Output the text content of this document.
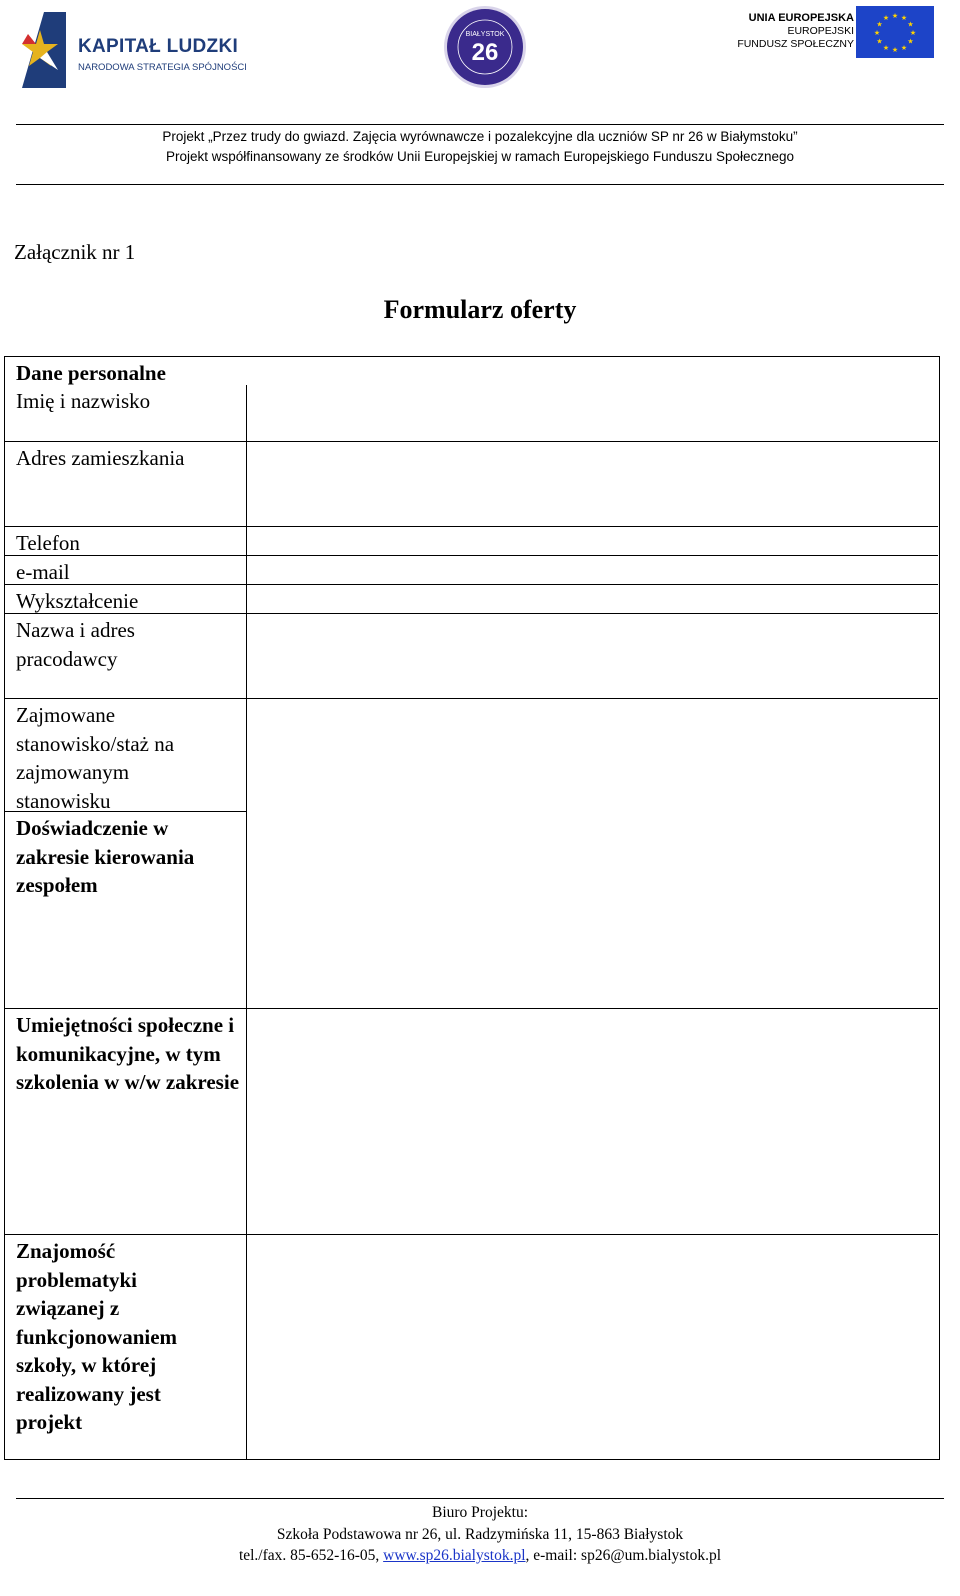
KAPITAŁ LUDZKI
NARODOWA STRATEGIA SPÓJNOŚCI
BIAŁYSTOK
26
UNIA EUROPEJSKA
EUROPEJSKI
FUNDUSZ SPOŁECZNY
★ ★
★
★
★
★
★
★
★
★
★
★
Projekt „Przez trudy do gwiazd. Zajęcia wyrównawcze i pozalekcyjne dla uczniów SP nr 26 w Białymstoku”
Projekt współfinansowany ze środków Unii Europejskiej w ramach Europejskiego Funduszu Społecznego
Załącznik nr 1
Formularz oferty
Dane personalne
Imię i nazwisko
Adres zamieszkania
Telefon
e-mail
Wykształcenie
Nazwa i adres pracodawcy
Zajmowane stanowisko/staż na zajmowanym stanowisku
Doświadczenie w zakresie kierowania zespołem
Umiejętności społeczne i komunikacyjne, w tym szkolenia w w/w zakresie
Znajomość problematyki związanej z funkcjonowaniem szkoły, w której realizowany jest projekt
Biuro Projektu:
Szkoła Podstawowa nr 26, ul. Radzymińska 11, 15-863 Białystok
tel./fax. 85-652-16-05, www.sp26.bialystok.pl, e-mail: sp26@um.bialystok.pl
